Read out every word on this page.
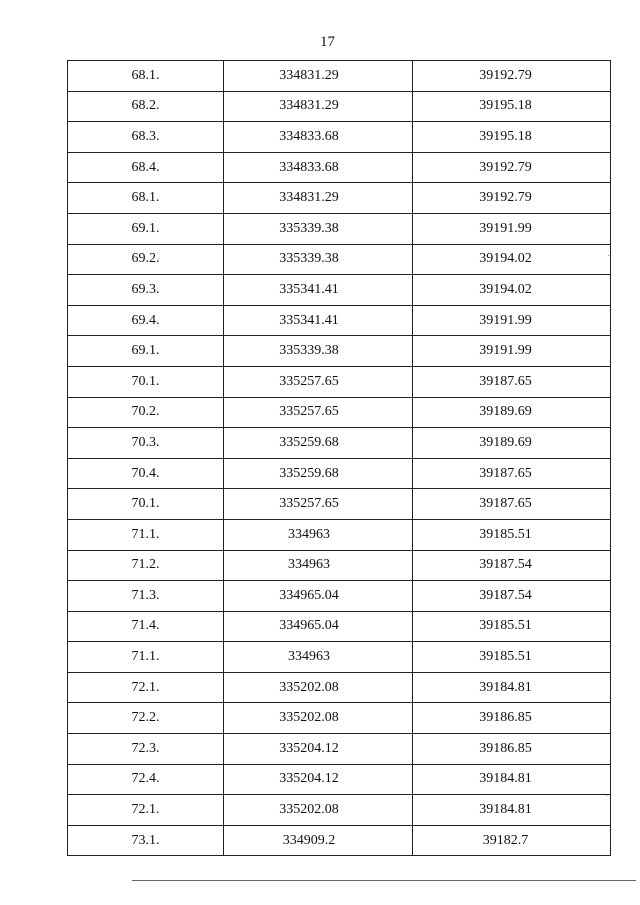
17
68.1.	334831.29	39192.79
68.2.	334831.29	39195.18
68.3.	334833.68	39195.18
68.4.	334833.68	39192.79
68.1.	334831.29	39192.79
69.1.	335339.38	39191.99
69.2.	335339.38	39194.02
69.3.	335341.41	39194.02
69.4.	335341.41	39191.99
69.1.	335339.38	39191.99
70.1.	335257.65	39187.65
70.2.	335257.65	39189.69
70.3.	335259.68	39189.69
70.4.	335259.68	39187.65
70.1.	335257.65	39187.65
71.1.	334963	39185.51
71.2.	334963	39187.54
71.3.	334965.04	39187.54
71.4.	334965.04	39185.51
71.1.	334963	39185.51
72.1.	335202.08	39184.81
72.2.	335202.08	39186.85
72.3.	335204.12	39186.85
72.4.	335204.12	39184.81
72.1.	335202.08	39184.81
73.1.	334909.2	39182.7
